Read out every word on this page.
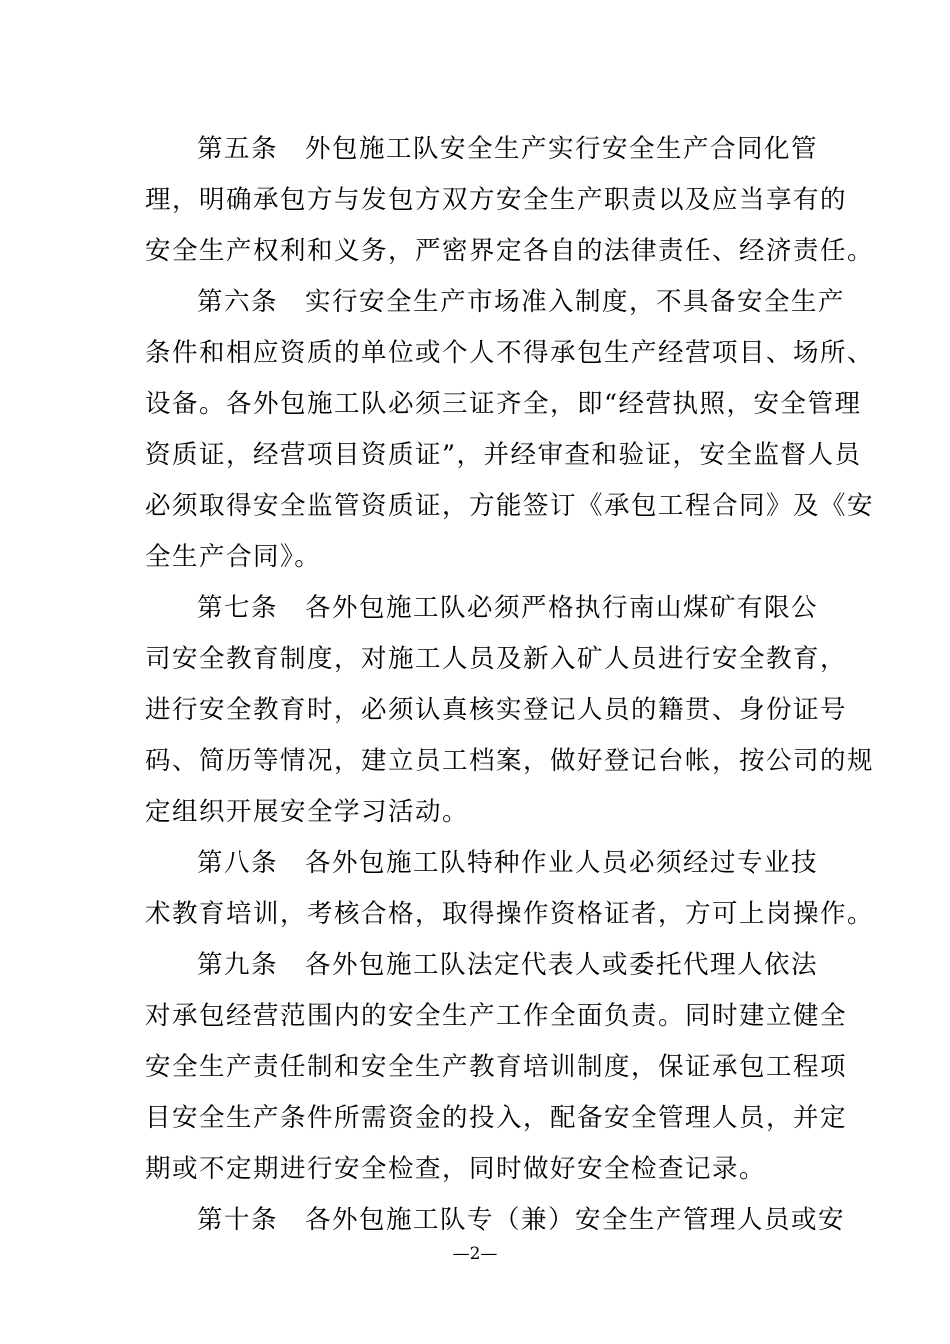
第五条　外包施工队安全生产实行安全生产合同化管
理，明确承包方与发包方双方安全生产职责以及应当享有的
安全生产权利和义务，严密界定各自的法律责任、经济责任。
第六条　实行安全生产市场准入制度，不具备安全生产
条件和相应资质的单位或个人不得承包生产经营项目、场所、
设备。各外包施工队必须三证齐全，即“经营执照，安全管理
资质证，经营项目资质证”，并经审查和验证，安全监督人员
必须取得安全监管资质证，方能签订《承包工程合同》及《安
全生产合同》。
第七条　各外包施工队必须严格执行南山煤矿有限公
司安全教育制度，对施工人员及新入矿人员进行安全教育，
进行安全教育时，必须认真核实登记人员的籍贯、身份证号
码、简历等情况，建立员工档案，做好登记台帐，按公司的规
定组织开展安全学习活动。
第八条　各外包施工队特种作业人员必须经过专业技
术教育培训，考核合格，取得操作资格证者，方可上岗操作。
第九条　各外包施工队法定代表人或委托代理人依法
对承包经营范围内的安全生产工作全面负责。同时建立健全
安全生产责任制和安全生产教育培训制度，保证承包工程项
目安全生产条件所需资金的投入，配备安全管理人员，并定
期或不定期进行安全检查，同时做好安全检查记录。
第十条　各外包施工队专（兼）安全生产管理人员或安
—2—
